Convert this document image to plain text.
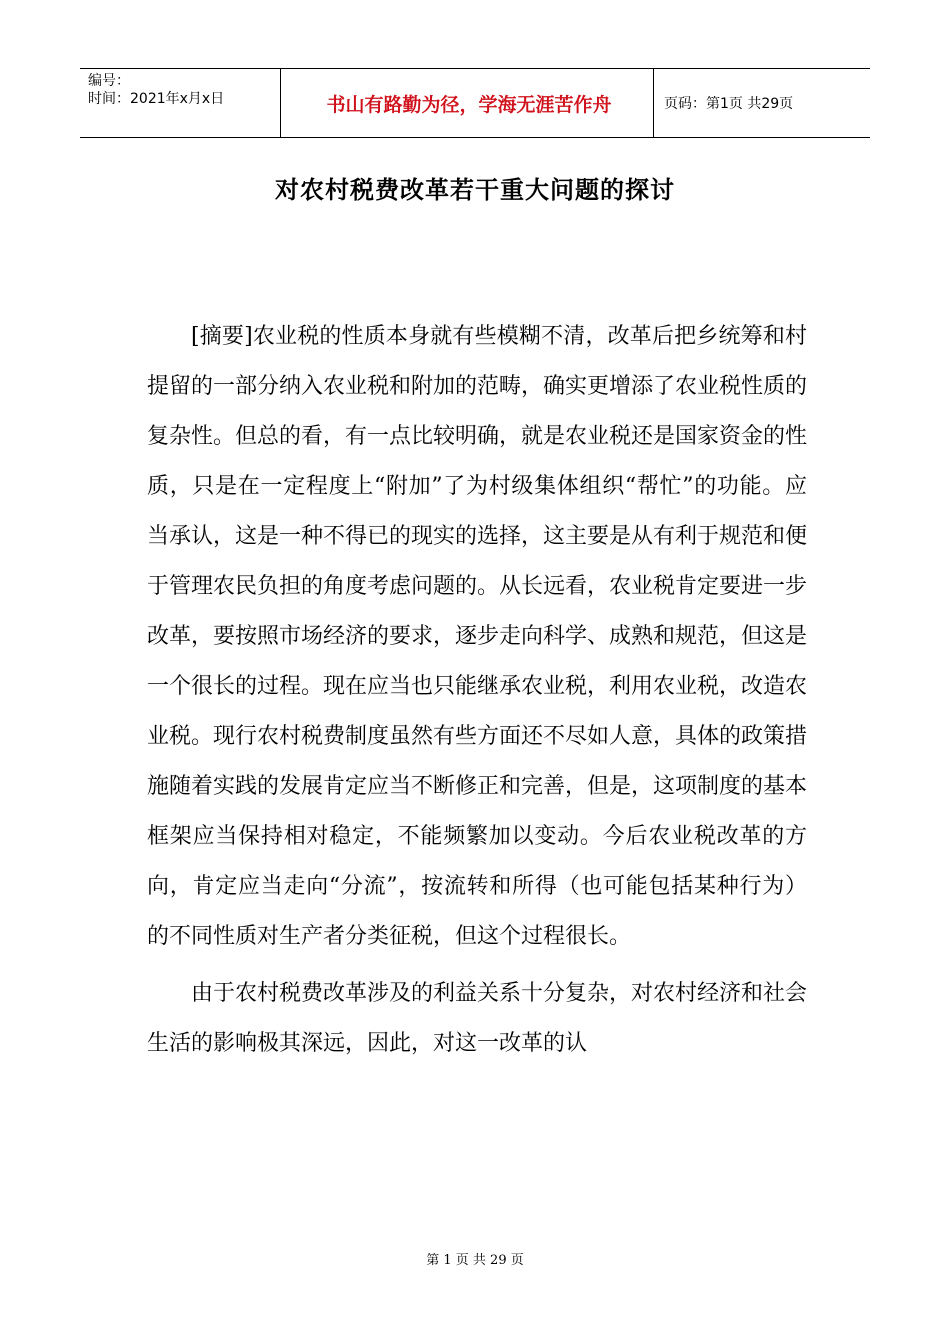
编号：
时间：2021年x月x日	书山有路勤为径，学海无涯苦作舟	页码：第1页 共29页
对农村税费改革若干重大问题的探讨

[摘要]农业税的性质本身就有些模糊不清，改革后把乡统筹和村提留的一部分纳入农业税和附加的范畴，确实更增添了农业税性质的复杂性。但总的看，有一点比较明确，就是农业税还是国家资金的性质，只是在一定程度上“附加”了为村级集体组织“帮忙”的功能。应当承认，这是一种不得已的现实的选择，这主要是从有利于规范和便于管理农民负担的角度考虑问题的。从长远看，农业税肯定要进一步改革，要按照市场经济的要求，逐步走向科学、成熟和规范，但这是一个很长的过程。现在应当也只能继承农业税，利用农业税，改造农业税。现行农村税费制度虽然有些方面还不尽如人意，具体的政策措施随着实践的发展肯定应当不断修正和完善，但是，这项制度的基本框架应当保持相对稳定，不能频繁加以变动。今后农业税改革的方向，肯定应当走向“分流”，按流转和所得（也可能包括某种行为）的不同性质对生产者分类征税，但这个过程很长。

由于农村税费改革涉及的利益关系十分复杂，对农村经济和社会生活的影响极其深远，因此，对这一改革的认

第 1 页 共 29 页
